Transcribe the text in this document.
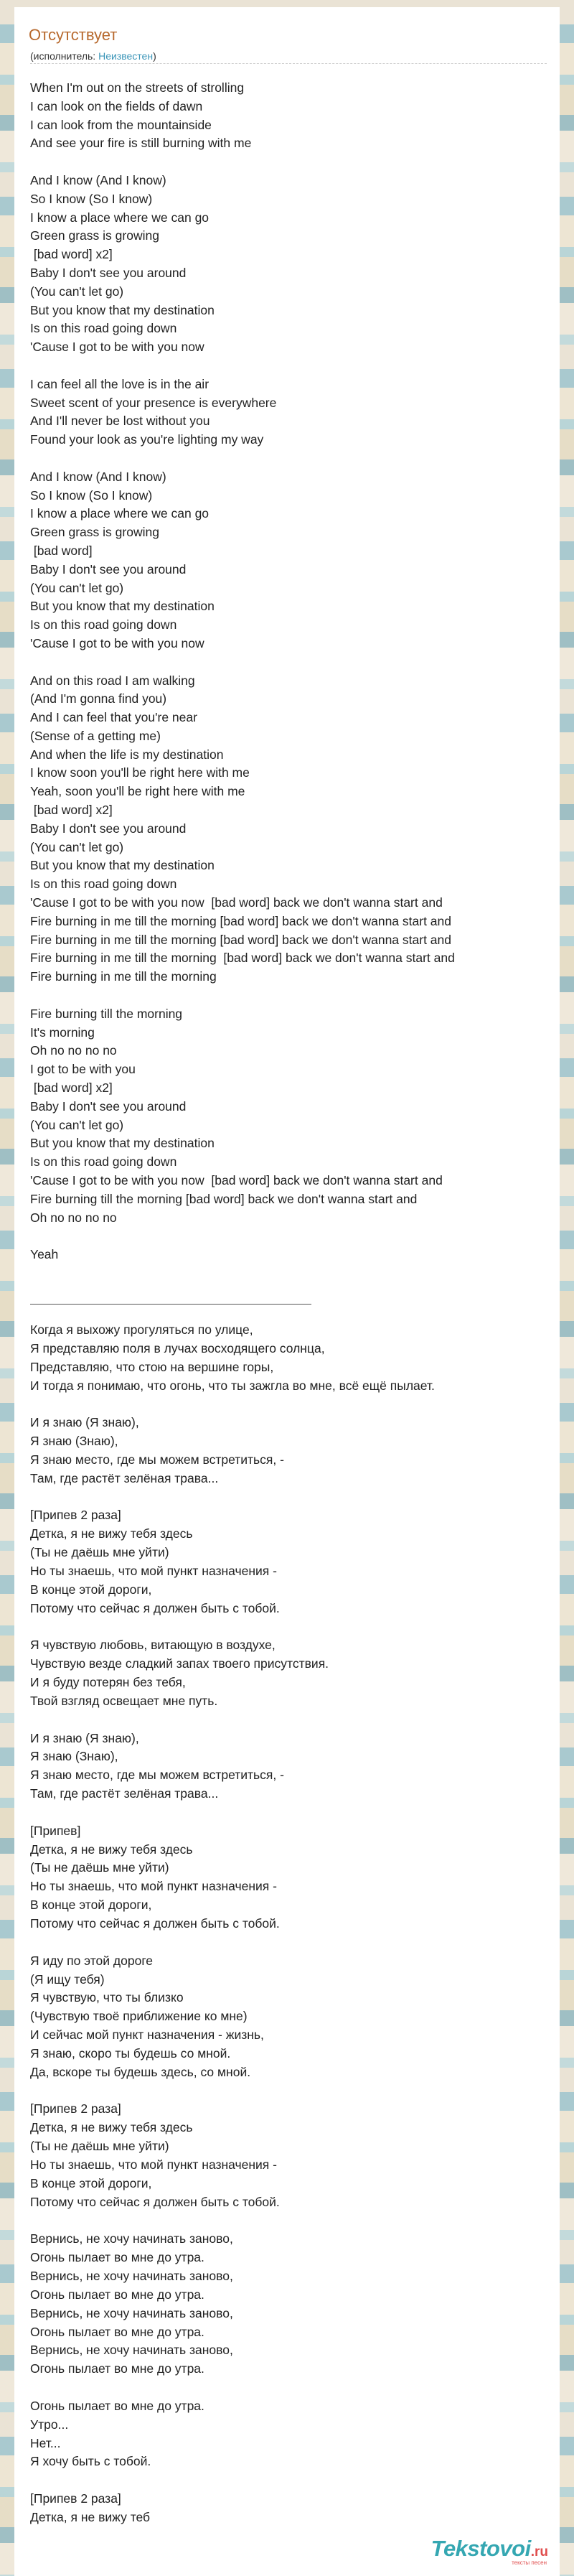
Отсутствует
(исполнитель: Неизвестен)
When I'm out on the streets of strolling
I can look on the fields of dawn
I can look from the mountainside
And see your fire is still burning with me

And I know (And I know)
So I know (So I know)
I know a place where we can go
Green grass is growing
[bad word] x2]
Baby I don't see you around
(You can't let go)
But you know that my destination
Is on this road going down
'Cause I got to be with you now

I can feel all the love is in the air
Sweet scent of your presence is everywhere
And I'll never be lost without you
Found your look as you're lighting my way

And I know (And I know)
So I know (So I know)
I know a place where we can go
Green grass is growing
[bad word]
Baby I don't see you around
(You can't let go)
But you know that my destination
Is on this road going down
'Cause I got to be with you now

And on this road I am walking
(And I'm gonna find you)
And I can feel that you're near
(Sense of a getting me)
And when the life is my destination
I know soon you'll be right here with me
Yeah, soon you'll be right here with me
[bad word] x2]
Baby I don't see you around
(You can't let go)
But you know that my destination
Is on this road going down
'Cause I got to be with you now  [bad word] back we don't wanna start and
Fire burning in me till the morning [bad word] back we don't wanna start and
Fire burning in me till the morning [bad word] back we don't wanna start and
Fire burning in me till the morning  [bad word] back we don't wanna start and
Fire burning in me till the morning

Fire burning till the morning
It's morning
Oh no no no no
I got to be with you
[bad word] x2]
Baby I don't see you around
(You can't let go)
But you know that my destination
Is on this road going down
'Cause I got to be with you now  [bad word] back we don't wanna start and
Fire burning till the morning [bad word] back we don't wanna start and
Oh no no no no

Yeah
Когда я выхожу прогуляться по улице,
Я представляю поля в лучах восходящего солнца,
Представляю, что стою на вершине горы,
И тогда я понимаю, что огонь, что ты зажгла во мне, всё ещё пылает.

И я знаю (Я знаю),
Я знаю (Знаю),
Я знаю место, где мы можем встретиться, -
Там, где растёт зелёная трава...

[Припев 2 раза]
Детка, я не вижу тебя здесь
(Ты не даёшь мне уйти)
Но ты знаешь, что мой пункт назначения -
В конце этой дороги,
Потому что сейчас я должен быть с тобой.

Я чувствую любовь, витающую в воздухе,
Чувствую везде сладкий запах твоего присутствия.
И я буду потерян без тебя,
Твой взгляд освещает мне путь.

И я знаю (Я знаю),
Я знаю (Знаю),
Я знаю место, где мы можем встретиться, -
Там, где растёт зелёная трава...

[Припев]
Детка, я не вижу тебя здесь
(Ты не даёшь мне уйти)
Но ты знаешь, что мой пункт назначения -
В конце этой дороги,
Потому что сейчас я должен быть с тобой.

Я иду по этой дороге
(Я ищу тебя)
Я чувствую, что ты близко
(Чувствую твоё приближение ко мне)
И сейчас мой пункт назначения - жизнь,
Я знаю, скоро ты будешь со мной.
Да, вскоре ты будешь здесь, со мной.

[Припев 2 раза]
Детка, я не вижу тебя здесь
(Ты не даёшь мне уйти)
Но ты знаешь, что мой пункт назначения -
В конце этой дороги,
Потому что сейчас я должен быть с тобой.

Вернись, не хочу начинать заново,
Огонь пылает во мне до утра.
Вернись, не хочу начинать заново,
Огонь пылает во мне до утра.
Вернись, не хочу начинать заново,
Огонь пылает во мне до утра.
Вернись, не хочу начинать заново,
Огонь пылает во мне до утра.

Огонь пылает во мне до утра.
Утро...
Нет...
Я хочу быть с тобой.

[Припев 2 раза]
Детка, я не вижу теб
Tekstovoi.ru
тексты песен
